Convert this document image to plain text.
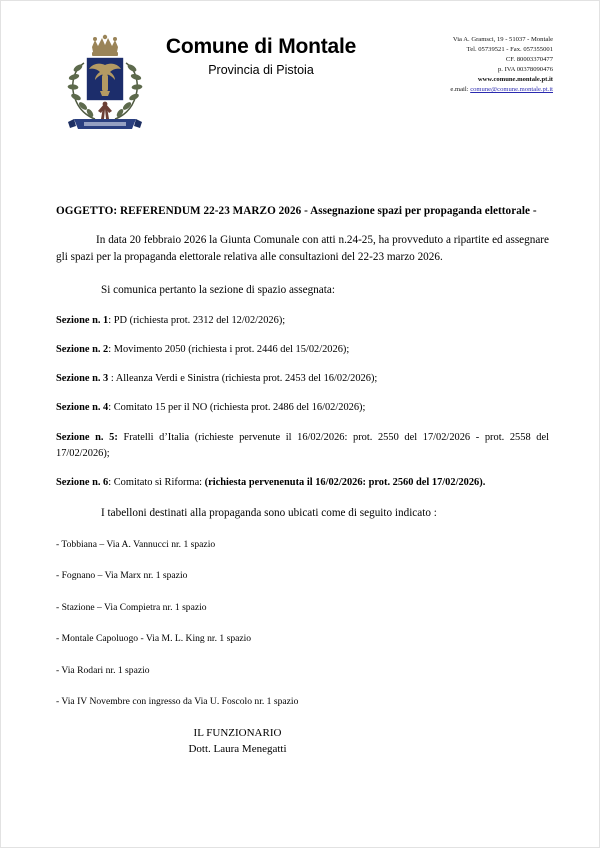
Comune di Montale
Provincia di Pistoia
Via A. Gramsci, 19 - 51037 - Montale
Tel. 05739521 - Fax. 057355001
CF. 80003370477
p. IVA 00378090476
www.comune.montale.pt.it
e.mail: comune@comune.montale.pt.it

OGGETTO: REFERENDUM 22-23 MARZO 2026 - Assegnazione spazi per propaganda elettorale -

In data 20 febbraio 2026 la Giunta Comunale con atti n.24-25, ha provveduto a ripartite ed assegnare gli spazi per la propaganda elettorale relativa alle consultazioni del 22-23 marzo 2026.

Si comunica pertanto la sezione di spazio assegnata:

Sezione n. 1: PD (richiesta prot. 2312 del 12/02/2026);

Sezione n. 2: Movimento 2050 (richiesta i prot. 2446 del 15/02/2026);

Sezione n. 3 : Alleanza Verdi e Sinistra (richiesta prot. 2453 del 16/02/2026);

Sezione n. 4: Comitato 15 per il NO (richiesta prot. 2486 del 16/02/2026);

Sezione n. 5: Fratelli d’Italia (richieste pervenute il 16/02/2026: prot. 2550 del 17/02/2026 - prot. 2558 del 17/02/2026);

Sezione n. 6: Comitato sì Riforma: (richiesta pervenenuta il 16/02/2026: prot. 2560 del 17/02/2026).

I tabelloni destinati alla propaganda sono ubicati come di seguito indicato :

- Tobbiana – Via A. Vannucci nr. 1 spazio

- Fognano – Via Marx nr. 1 spazio

- Stazione – Via Compietra nr. 1 spazio

- Montale Capoluogo - Via M. L. King nr. 1 spazio

- Via Rodari nr. 1 spazio

- Via IV Novembre con ingresso da Via U. Foscolo nr. 1 spazio

IL FUNZIONARIO
Dott. Laura Menegatti
